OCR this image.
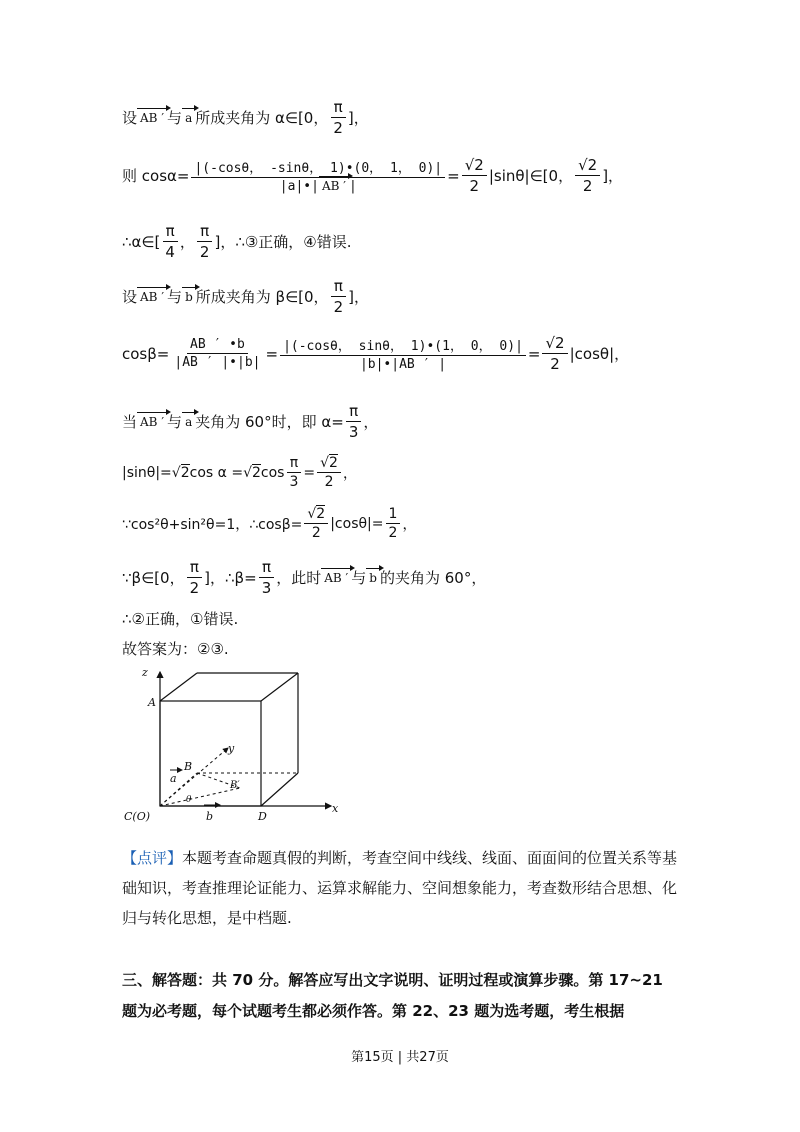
设 AB ′ 与 a 所成夹角为 α∈[0， $\frac{\pi}{2}$ ]，
则 $\cos\alpha= \frac{|(-\cos\theta, -\sin\theta, 1)•(0, 1, 0)|}{|a|•| AB ' |} = \frac{√2}{2}$ |sinθ|∈[0， $\frac{√2}{2}$ ]，
∴α∈[ $\frac{\pi}{4}$ ， $\frac{\pi}{2}$ ]，∴③正确，④错误.
设 AB ′ 与 b 所成夹角为 β∈[0， $\frac{\pi}{2}$ ]，
$\cos\beta= \frac{AB ' •b}{|AB ' |•|b|} = \frac{|(-\cos\theta, \sin\theta, 1)•(1, 0, 0)|}{|b|•|AB ' |} = \frac{√2}{2} |\cos\theta|$，
当 AB ′ 与 a 夹角为 60°时，即 $\alpha= \frac{\pi}{3}$ ，
|sinθ|= √2 cos α = √2 $\cos \frac{\pi}{3} = \frac{√2}{2}$ ，
∵cos²θ+sin²θ=1，∴cosβ= $\frac{√2}{2} |\cos\theta|= \frac{1}{2}$ ，
∵β∈[0， $\frac{\pi}{2}$ ]，∴β= $\frac{\pi}{3}$ ，此时 AB ′ 与 b 的夹角为 60°，
∴②正确，①错误.
故答案为：②③.
z
A
B
y
a
θ
B′
C(O)	b	D
x
【点评】本题考查命题真假的判断，考查空间中线线、线面、面面间的位置关系等基础知识，考查推理论证能力、运算求解能力、空间想象能力，考查数形结合思想、化归与转化思想，是中档题.
三、解答题：共 70 分。解答应写出文字说明、证明过程或演算步骤。第 17~21 题为必考题，每个试题考生都必须作答。第 22、23 题为选考题，考生根据
第15页 | 共27页
